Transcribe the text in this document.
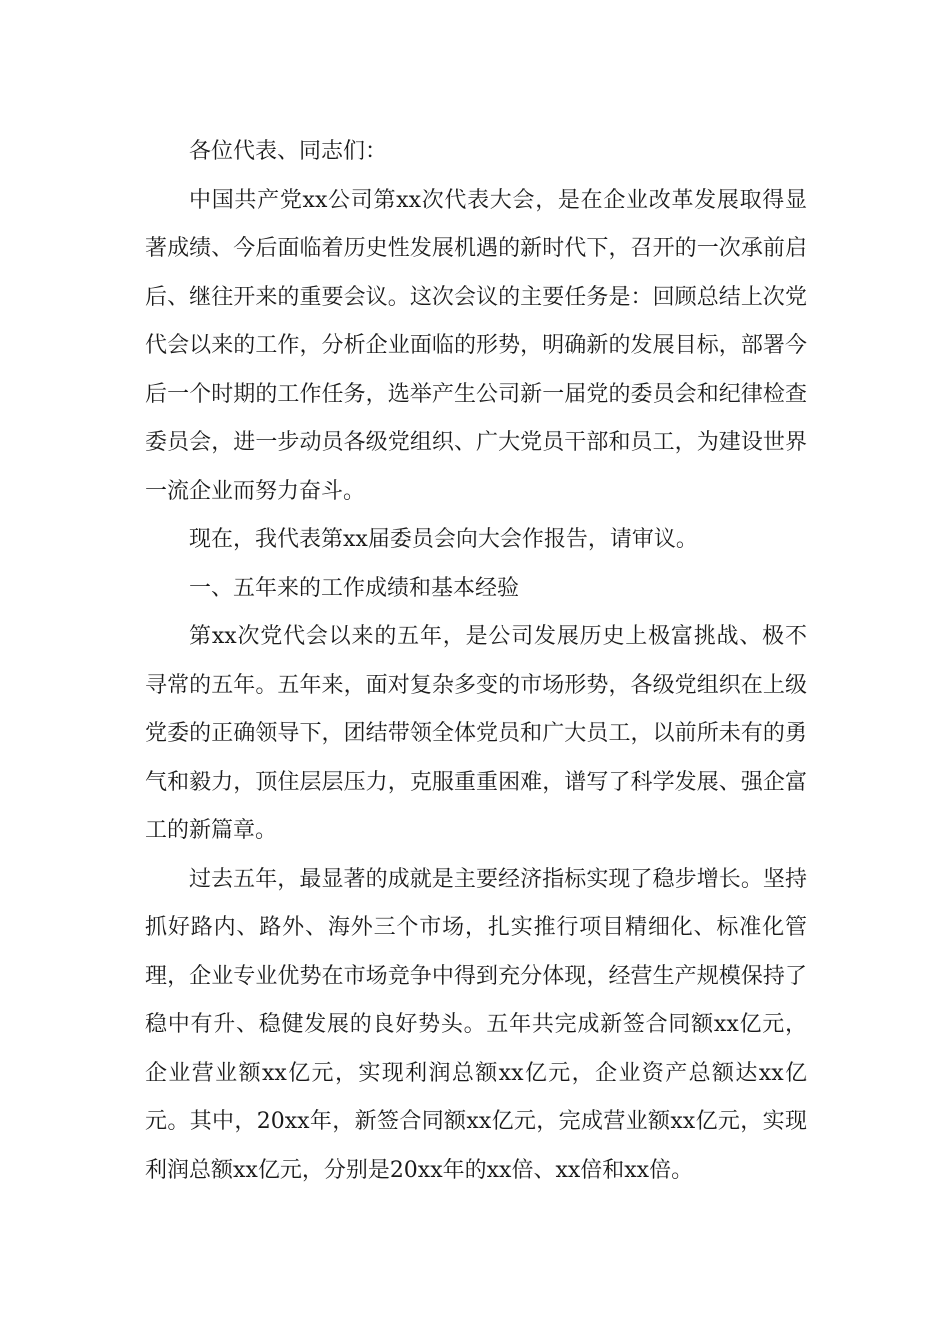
各位代表、同志们：

中国共产党xx公司第xx次代表大会，是在企业改革发展取得显著成绩、今后面临着历史性发展机遇的新时代下，召开的一次承前启后、继往开来的重要会议。这次会议的主要任务是：回顾总结上次党代会以来的工作，分析企业面临的形势，明确新的发展目标，部署今后一个时期的工作任务，选举产生公司新一届党的委员会和纪律检查委员会，进一步动员各级党组织、广大党员干部和员工，为建设世界一流企业而努力奋斗。

现在，我代表第xx届委员会向大会作报告，请审议。

一、五年来的工作成绩和基本经验

第xx次党代会以来的五年，是公司发展历史上极富挑战、极不寻常的五年。五年来，面对复杂多变的市场形势，各级党组织在上级党委的正确领导下，团结带领全体党员和广大员工，以前所未有的勇气和毅力，顶住层层压力，克服重重困难，谱写了科学发展、强企富工的新篇章。

过去五年，最显著的成就是主要经济指标实现了稳步增长。坚持抓好路内、路外、海外三个市场，扎实推行项目精细化、标准化管理，企业专业优势在市场竞争中得到充分体现，经营生产规模保持了稳中有升、稳健发展的良好势头。五年共完成新签合同额xx亿元，企业营业额xx亿元，实现利润总额xx亿元，企业资产总额达xx亿元。其中，20xx年，新签合同额xx亿元，完成营业额xx亿元，实现利润总额xx亿元，分别是20xx年的xx倍、xx倍和xx倍。
